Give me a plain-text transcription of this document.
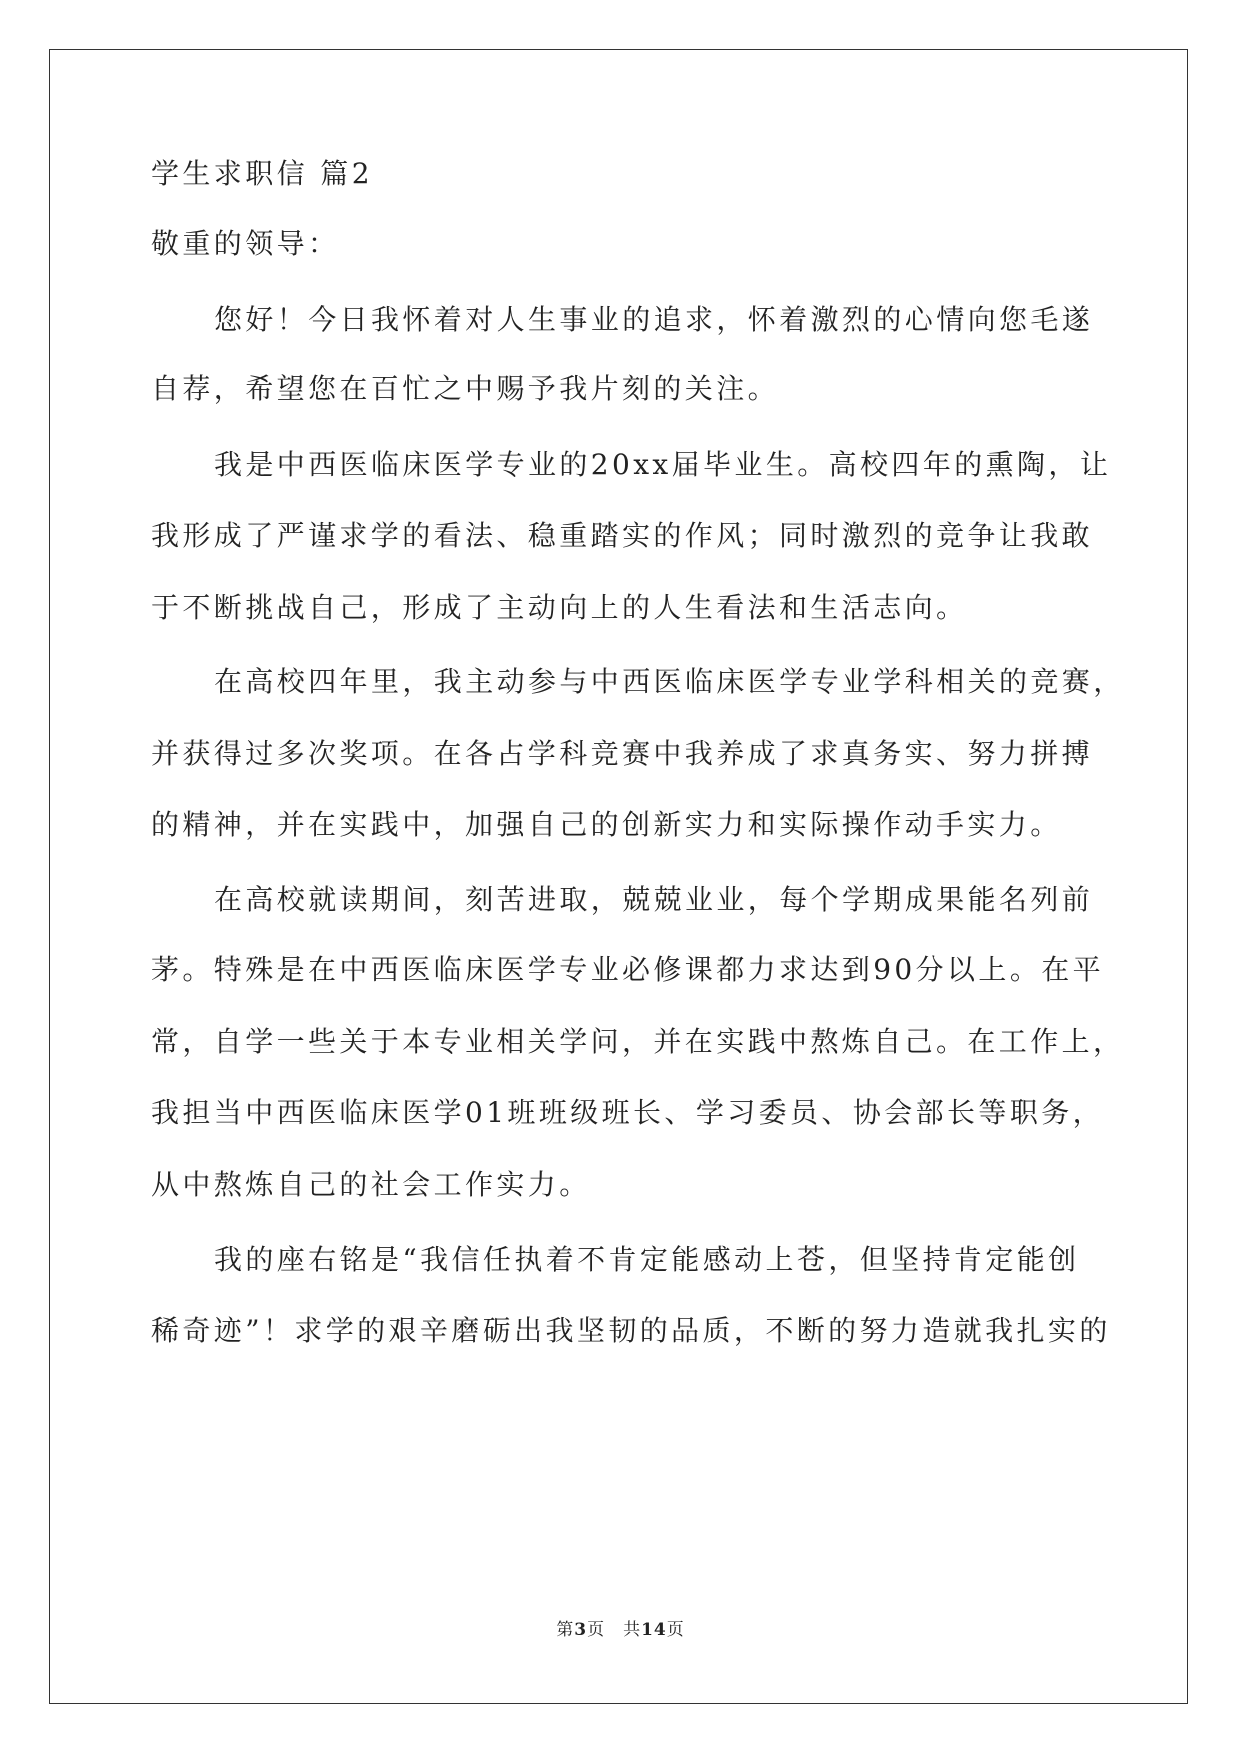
学生求职信 篇2
敬重的领导：
您好！今日我怀着对人生事业的追求，怀着激烈的心情向您毛遂
自荐，希望您在百忙之中赐予我片刻的关注。
我是中西医临床医学专业的20xx届毕业生。高校四年的熏陶，让
我形成了严谨求学的看法、稳重踏实的作风；同时激烈的竞争让我敢
于不断挑战自己，形成了主动向上的人生看法和生活志向。
在高校四年里，我主动参与中西医临床医学专业学科相关的竞赛，
并获得过多次奖项。在各占学科竞赛中我养成了求真务实、努力拼搏
的精神，并在实践中，加强自己的创新实力和实际操作动手实力。
在高校就读期间，刻苦进取，兢兢业业，每个学期成果能名列前
茅。特殊是在中西医临床医学专业必修课都力求达到90分以上。在平
常，自学一些关于本专业相关学问，并在实践中熬炼自己。在工作上，
我担当中西医临床医学01班班级班长、学习委员、协会部长等职务，
从中熬炼自己的社会工作实力。
我的座右铭是“我信任执着不肯定能感动上苍，但坚持肯定能创
稀奇迹”！求学的艰辛磨砺出我坚韧的品质，不断的努力造就我扎实的
第3页　共14页
